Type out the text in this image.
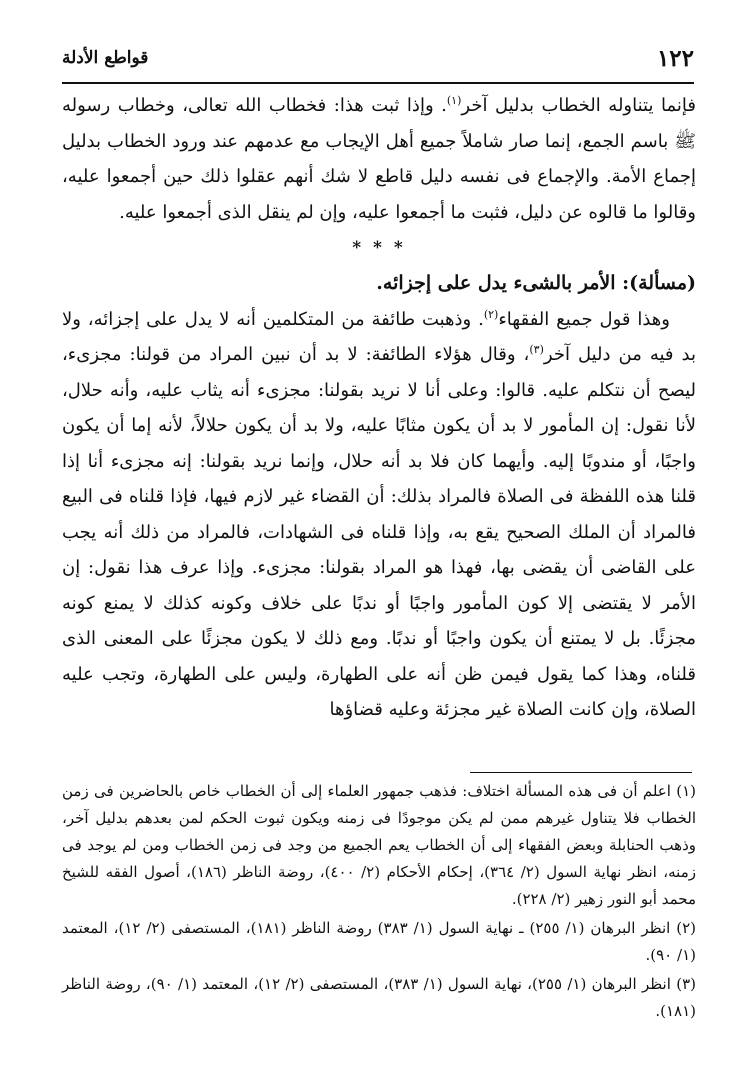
١٢٢
قواطع الأدلة

فإنما يتناوله الخطاب بدليل آخر$^{(١)}$. وإذا ثبت هذا: فخطاب الله تعالى، وخطاب رسوله ﷺ باسم الجمع، إنما صار شاملاً جميع أهل الإيجاب مع عدمهم عند ورود الخطاب بدليل إجماع الأمة. والإجماع فى نفسه دليل قاطع لا شك أنهم عقلوا ذلك حين أجمعوا عليه، وقالوا ما قالوه عن دليل، فثبت ما أجمعوا عليه، وإن لم ينقل الذى أجمعوا عليه.

* * *

(مسألة): الأمر بالشىء يدل على إجزائه.

وهذا قول جميع الفقهاء$^{(٢)}$. وذهبت طائفة من المتكلمين أنه لا يدل على إجزائه، ولا بد فيه من دليل آخر$^{(٣)}$، وقال هؤلاء الطائفة: لا بد أن نبين المراد من قولنا: مجزىء، ليصح أن نتكلم عليه. قالوا: وعلى أنا لا نريد بقولنا: مجزىء أنه يثاب عليه، وأنه حلال، لأنا نقول: إن المأمور لا بد أن يكون مثابًا عليه، ولا بد أن يكون حلالاً، لأنه إما أن يكون واجبًا، أو مندوبًا إليه. وأيهما كان فلا بد أنه حلال، وإنما نريد بقولنا: إنه مجزىء أنا إذا قلنا هذه اللفظة فى الصلاة فالمراد بذلك: أن القضاء غير لازم فيها، فإذا قلناه فى البيع فالمراد أن الملك الصحيح يقع به، وإذا قلناه فى الشهادات، فالمراد من ذلك أنه يجب على القاضى أن يقضى بها، فهذا هو المراد بقولنا: مجزىء. وإذا عرف هذا نقول: إن الأمر لا يقتضى إلا كون المأمور واجبًا أو ندبًا على خلاف وكونه كذلك لا يمنع كونه مجزئًا. بل لا يمتنع أن يكون واجبًا أو ندبًا. ومع ذلك لا يكون مجزئًا على المعنى الذى قلناه، وهذا كما يقول فيمن ظن أنه على الطهارة، وليس على الطهارة، وتجب عليه الصلاة، وإن كانت الصلاة غير مجزئة وعليه قضاؤها

(١) اعلم أن فى هذه المسألة اختلاف: فذهب جمهور العلماء إلى أن الخطاب خاص بالحاضرين فى زمن الخطاب فلا يتناول غيرهم ممن لم يكن موجودًا فى زمنه ويكون ثبوت الحكم لمن بعدهم بدليل آخر، وذهب الحنابلة وبعض الفقهاء إلى أن الخطاب يعم الجميع من وجد فى زمن الخطاب ومن لم يوجد فى زمنه، انظر نهاية السول (٢/ ٣٦٤)، إحكام الأحكام (٢/ ٤٠٠)، روضة الناظر (١٨٦)، أصول الفقه للشيخ محمد أبو النور زهير (٢/ ٢٢٨).

(٢) انظر البرهان (١/ ٢٥٥) ـ نهاية السول (١/ ٣٨٣) روضة الناظر (١٨١)، المستصفى (٢/ ١٢)، المعتمد (١/ ٩٠).

(٣) انظر البرهان (١/ ٢٥٥)، نهاية السول (١/ ٣٨٣)، المستصفى (٢/ ١٢)، المعتمد (١/ ٩٠)، روضة الناظر (١٨١).
